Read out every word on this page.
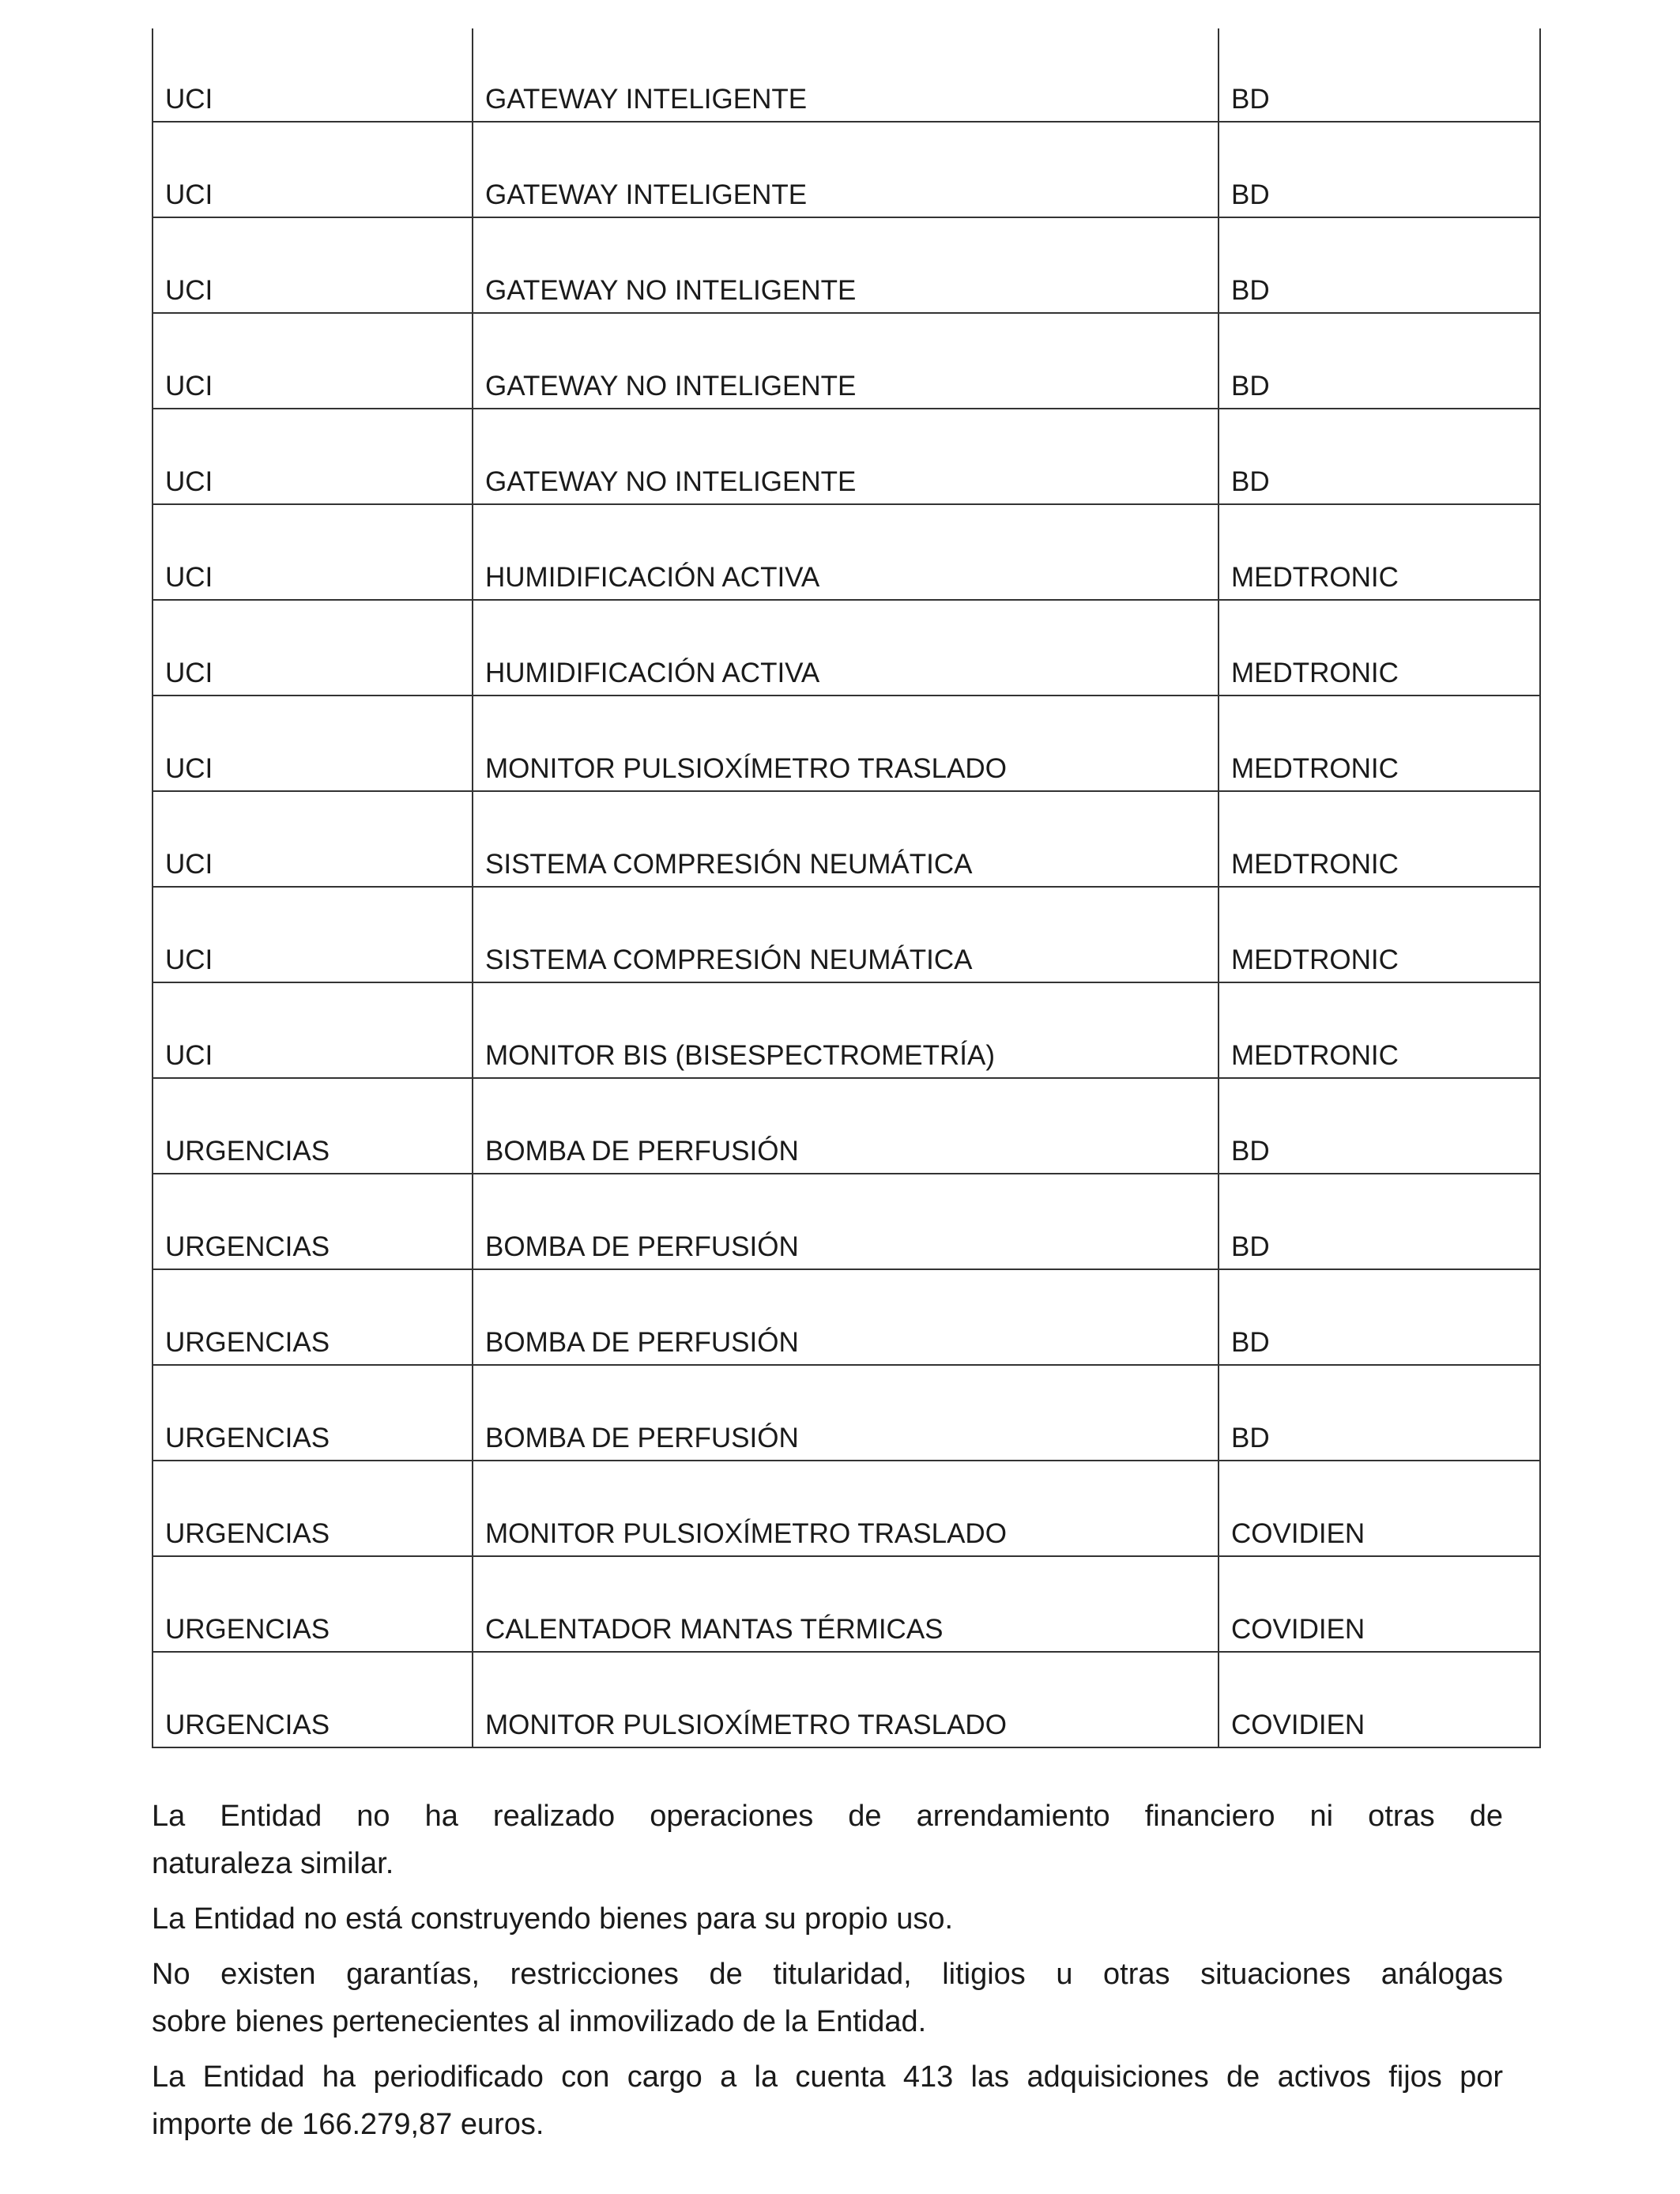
UCI	GATEWAY INTELIGENTE	BD
UCI	GATEWAY INTELIGENTE	BD
UCI	GATEWAY NO INTELIGENTE	BD
UCI	GATEWAY NO INTELIGENTE	BD
UCI	GATEWAY NO INTELIGENTE	BD
UCI	HUMIDIFICACIÓN ACTIVA	MEDTRONIC
UCI	HUMIDIFICACIÓN ACTIVA	MEDTRONIC
UCI	MONITOR PULSIOXÍMETRO TRASLADO	MEDTRONIC
UCI	SISTEMA COMPRESIÓN NEUMÁTICA	MEDTRONIC
UCI	SISTEMA COMPRESIÓN NEUMÁTICA	MEDTRONIC
UCI	MONITOR BIS (BISESPECTROMETRÍA)	MEDTRONIC
URGENCIAS	BOMBA DE PERFUSIÓN	BD
URGENCIAS	BOMBA DE PERFUSIÓN	BD
URGENCIAS	BOMBA DE PERFUSIÓN	BD
URGENCIAS	BOMBA DE PERFUSIÓN	BD
URGENCIAS	MONITOR PULSIOXÍMETRO TRASLADO	COVIDIEN
URGENCIAS	CALENTADOR MANTAS TÉRMICAS	COVIDIEN
URGENCIAS	MONITOR PULSIOXÍMETRO TRASLADO	COVIDIEN

La Entidad no ha realizado operaciones de arrendamiento financiero ni otras de
naturaleza similar.

La Entidad no está construyendo bienes para su propio uso.

No existen garantías, restricciones de titularidad, litigios u otras situaciones análogas
sobre bienes pertenecientes al inmovilizado de la Entidad.

La Entidad ha periodificado con cargo a la cuenta 413 las adquisiciones de activos fijos por
importe de 166.279,87 euros.
